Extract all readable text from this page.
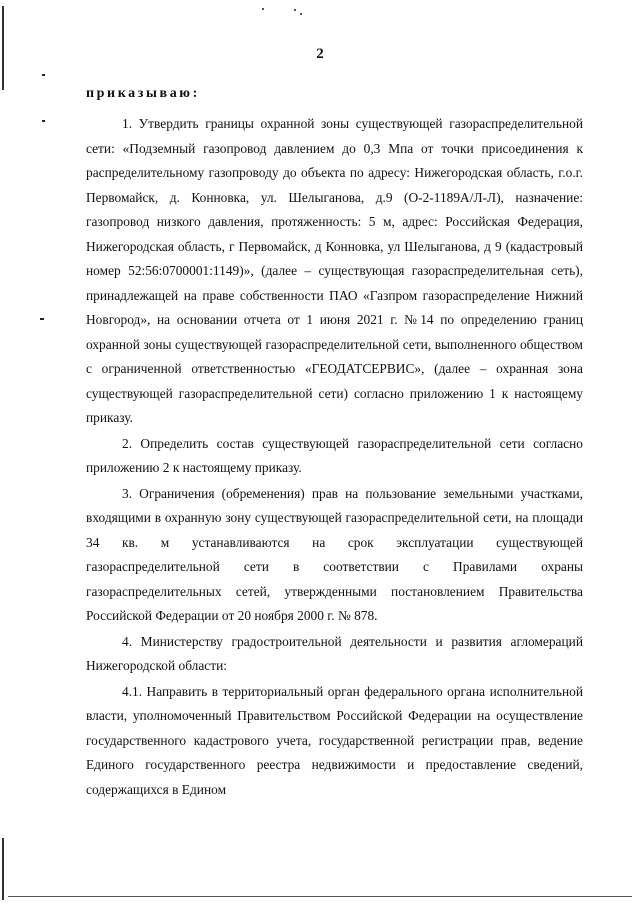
2
приказываю:

1. Утвердить границы охранной зоны существующей газораспределительной сети: «Подземный газопровод давлением до 0,3 Мпа от точки присоединения к распределительному газопроводу до объекта по адресу: Нижегородская область, г.о.г. Первомайск, д. Конновка, ул. Шелыганова, д.9 (О-2-1189А/Л-Л), назначение: газопровод низкого давления, протяженность: 5 м, адрес: Российская Федерация, Нижегородская область, г Первомайск, д Конновка, ул Шелыганова, д 9 (кадастровый номер 52:56:0700001:1149)», (далее – существующая газораспределительная сеть), принадлежащей на праве собственности ПАО «Газпром газораспределение Нижний Новгород», на основании отчета от 1 июня 2021 г. №14 по определению границ охранной зоны существующей газораспределительной сети, выполненного обществом с ограниченной ответственностью «ГЕОДАТСЕРВИС», (далее – охранная зона существующей газораспределительной сети) согласно приложению 1 к настоящему приказу.

2. Определить состав существующей газораспределительной сети согласно приложению 2 к настоящему приказу.

3. Ограничения (обременения) прав на пользование земельными участками, входящими в охранную зону существующей газораспределительной сети, на площади 34 кв. м устанавливаются на срок эксплуатации существующей газораспределительной сети в соответствии с Правилами охраны газораспределительных сетей, утвержденными постановлением Правительства Российской Федерации от 20 ноября 2000 г. № 878.

4. Министерству градостроительной деятельности и развития агломераций Нижегородской области:

4.1. Направить в территориальный орган федерального органа исполнительной власти, уполномоченный Правительством Российской Федерации на осуществление государственного кадастрового учета, государственной регистрации прав, ведение Единого государственного реестра недвижимости и предоставление сведений, содержащихся в Едином
